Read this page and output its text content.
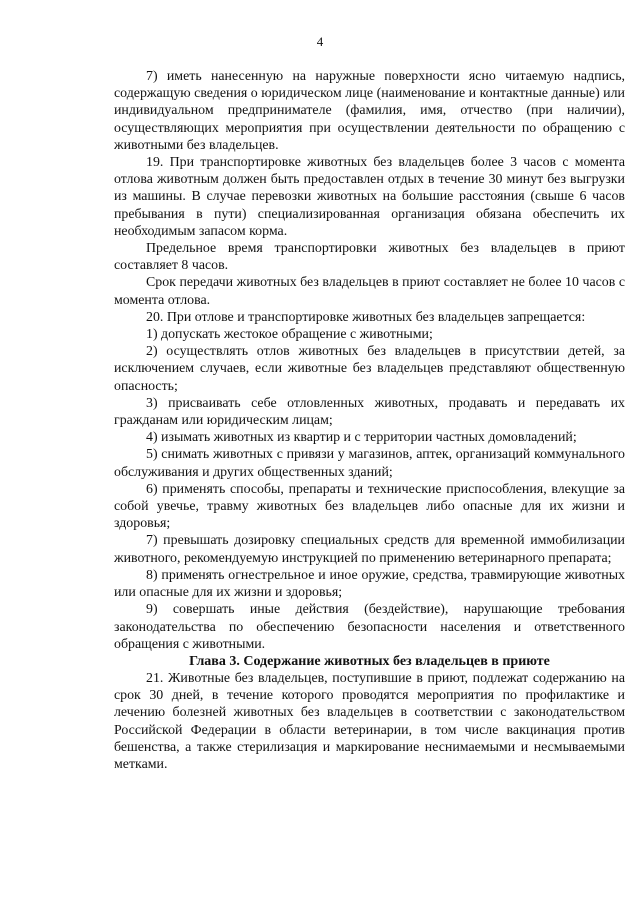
4

7) иметь нанесенную на наружные поверхности ясно читаемую надпись, содержащую сведения о юридическом лице (наименование и контактные данные) или индивидуальном предпринимателе (фамилия, имя, отчество (при наличии), осуществляющих мероприятия при осуществлении деятельности по обращению с животными без владельцев.

19. При транспортировке животных без владельцев более 3 часов с момента отлова животным должен быть предоставлен отдых в течение 30 минут без выгрузки из машины. В случае перевозки животных на большие расстояния (свыше 6 часов пребывания в пути) специализированная организация обязана обеспечить их необходимым запасом корма.

Предельное время транспортировки животных без владельцев в приют составляет 8 часов.

Срок передачи животных без владельцев в приют составляет не более 10 часов с момента отлова.

20. При отлове и транспортировке животных без владельцев запрещается:

1) допускать жестокое обращение с животными;

2) осуществлять отлов животных без владельцев в присутствии детей, за исключением случаев, если животные без владельцев представляют общественную опасность;

3) присваивать себе отловленных животных, продавать и передавать их гражданам или юридическим лицам;

4) изымать животных из квартир и с территории частных домовладений;

5) снимать животных с привязи у магазинов, аптек, организаций коммунального обслуживания и других общественных зданий;

6) применять способы, препараты и технические приспособления, влекущие за собой увечье, травму животных без владельцев либо опасные для их жизни и здоровья;

7) превышать дозировку специальных средств для временной иммобилизации животного, рекомендуемую инструкцией по применению ветеринарного препарата;

8) применять огнестрельное и иное оружие, средства, травмирующие животных или опасные для их жизни и здоровья;

9) совершать иные действия (бездействие), нарушающие требования законодательства по обеспечению безопасности населения и ответственного обращения с животными.

Глава 3. Содержание животных без владельцев в приюте

21. Животные без владельцев, поступившие в приют, подлежат содержанию на срок 30 дней, в течение которого проводятся мероприятия по профилактике и лечению болезней животных без владельцев в соответствии с законодательством Российской Федерации в области ветеринарии, в том числе вакцинация против бешенства, а также стерилизация и маркирование неснимаемыми и несмываемыми метками.
